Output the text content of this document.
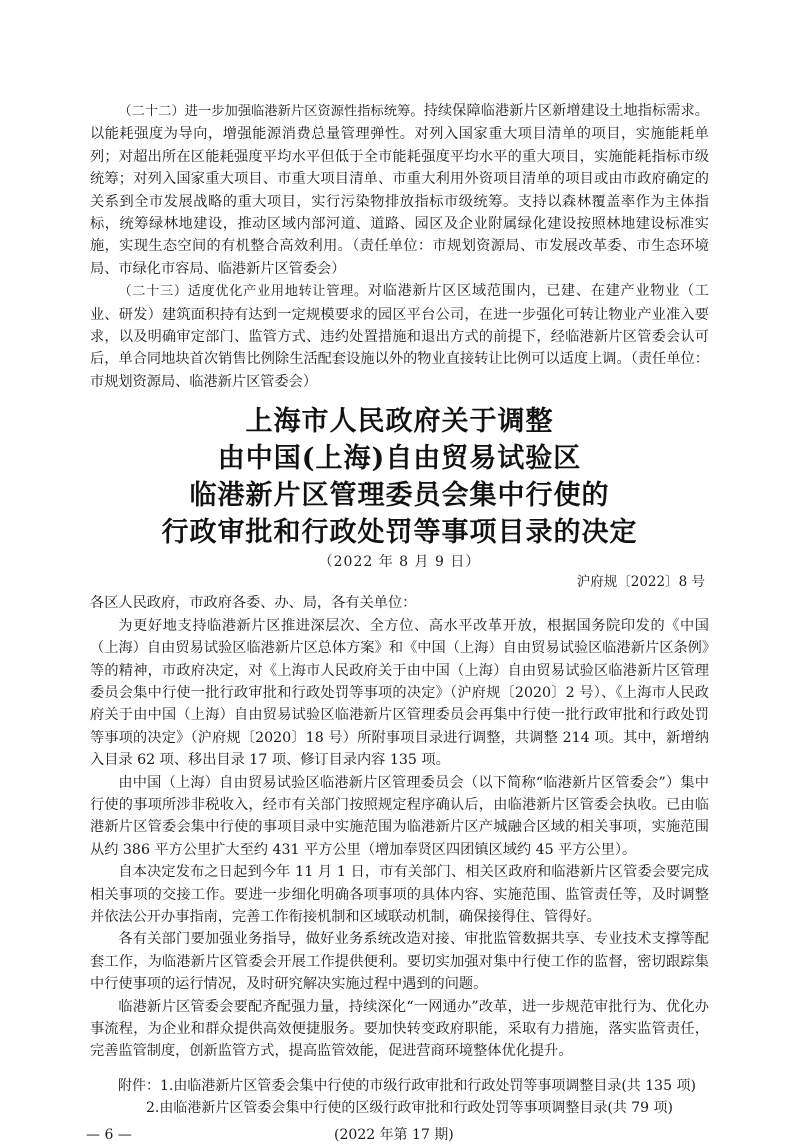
（二十二）进一步加强临港新片区资源性指标统筹。持续保障临港新片区新增建设土地指标需求。以能耗强度为导向，增强能源消费总量管理弹性。对列入国家重大项目清单的项目，实施能耗单列；对超出所在区能耗强度平均水平但低于全市能耗强度平均水平的重大项目，实施能耗指标市级统筹；对列入国家重大项目、市重大项目清单、市重大利用外资项目清单的项目或由市政府确定的关系到全市发展战略的重大项目，实行污染物排放指标市级统筹。支持以森林覆盖率作为主体指标，统筹绿林地建设，推动区域内部河道、道路、园区及企业附属绿化建设按照林地建设标准实施，实现生态空间的有机整合高效利用。（责任单位：市规划资源局、市发展改革委、市生态环境局、市绿化市容局、临港新片区管委会）

（二十三）适度优化产业用地转让管理。对临港新片区区域范围内，已建、在建产业物业（工业、研发）建筑面积持有达到一定规模要求的园区平台公司，在进一步强化可转让物业产业准入要求，以及明确审定部门、监管方式、违约处置措施和退出方式的前提下，经临港新片区管委会认可后，单合同地块首次销售比例除生活配套设施以外的物业直接转让比例可以适度上调。（责任单位：市规划资源局、临港新片区管委会）

上海市人民政府关于调整
由中国(上海)自由贸易试验区
临港新片区管理委员会集中行使的
行政审批和行政处罚等事项目录的决定
（2022 年 8 月 9 日）
沪府规〔2022〕8 号

各区人民政府，市政府各委、办、局，各有关单位：

为更好地支持临港新片区推进深层次、全方位、高水平改革开放，根据国务院印发的《中国（上海）自由贸易试验区临港新片区总体方案》和《中国（上海）自由贸易试验区临港新片区条例》等的精神，市政府决定，对《上海市人民政府关于由中国（上海）自由贸易试验区临港新片区管理委员会集中行使一批行政审批和行政处罚等事项的决定》（沪府规〔2020〕2 号）、《上海市人民政府关于由中国（上海）自由贸易试验区临港新片区管理委员会再集中行使一批行政审批和行政处罚等事项的决定》（沪府规〔2020〕18 号）所附事项目录进行调整，共调整 214 项。其中，新增纳入目录 62 项、移出目录 17 项、修订目录内容 135 项。

由中国（上海）自由贸易试验区临港新片区管理委员会（以下简称“临港新片区管委会”）集中行使的事项所涉非税收入，经市有关部门按照规定程序确认后，由临港新片区管委会执收。已由临港新片区管委会集中行使的事项目录中实施范围为临港新片区产城融合区域的相关事项，实施范围从约 386 平方公里扩大至约 431 平方公里（增加奉贤区四团镇区域约 45 平方公里）。

自本决定发布之日起到今年 11 月 1 日，市有关部门、相关区政府和临港新片区管委会要完成相关事项的交接工作。要进一步细化明确各项事项的具体内容、实施范围、监管责任等，及时调整并依法公开办事指南，完善工作衔接机制和区域联动机制，确保接得住、管得好。

各有关部门要加强业务指导，做好业务系统改造对接、审批监管数据共享、专业技术支撑等配套工作，为临港新片区管委会开展工作提供便利。要切实加强对集中行使工作的监督，密切跟踪集中行使事项的运行情况，及时研究解决实施过程中遇到的问题。

临港新片区管委会要配齐配强力量，持续深化“一网通办”改革，进一步规范审批行为、优化办事流程，为企业和群众提供高效便捷服务。要加快转变政府职能，采取有力措施，落实监管责任，完善监管制度，创新监管方式，提高监管效能，促进营商环境整体优化提升。

附件：1.由临港新片区管委会集中行使的市级行政审批和行政处罚等事项调整目录(共 135 项)
2.由临港新片区管委会集中行使的区级行政审批和行政处罚等事项调整目录(共 79 项)
— 6 —	(2022 年第 17 期)
